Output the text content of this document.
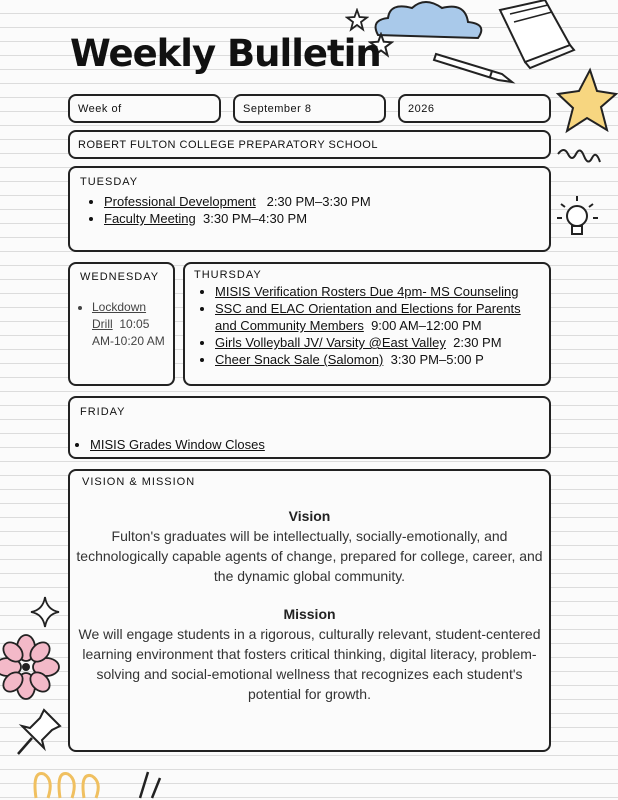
Weekly Bulletin
Week of	September 8	2026
ROBERT FULTON COLLEGE PREPARATORY SCHOOL
TUESDAY
• Professional Development 2:30 PM–3:30 PM
• Faculty Meeting 3:30 PM–4:30 PM
WEDNESDAY
• Lockdown
Drill 10:05
AM-10:20 AM
THURSDAY
• MISIS Verification Rosters Due 4pm- MS Counseling
• SSC and ELAC Orientation and Elections for Parents
and Community Members 9:00 AM–12:00 PM
• Girls Volleyball JV/ Varsity @East Valley 2:30 PM
• Cheer Snack Sale (Salomon) 3:30 PM–5:00 P
FRIDAY
• MISIS Grades Window Closes
VISION & MISSION
Vision
Fulton's graduates will be intellectually, socially-emotionally, and
technologically capable agents of change, prepared for college, career, and
the dynamic global community.
Mission
We will engage students in a rigorous, culturally relevant, student-centered
learning environment that fosters critical thinking, digital literacy, problem-
solving and social-emotional wellness that recognizes each student's
potential for growth.
